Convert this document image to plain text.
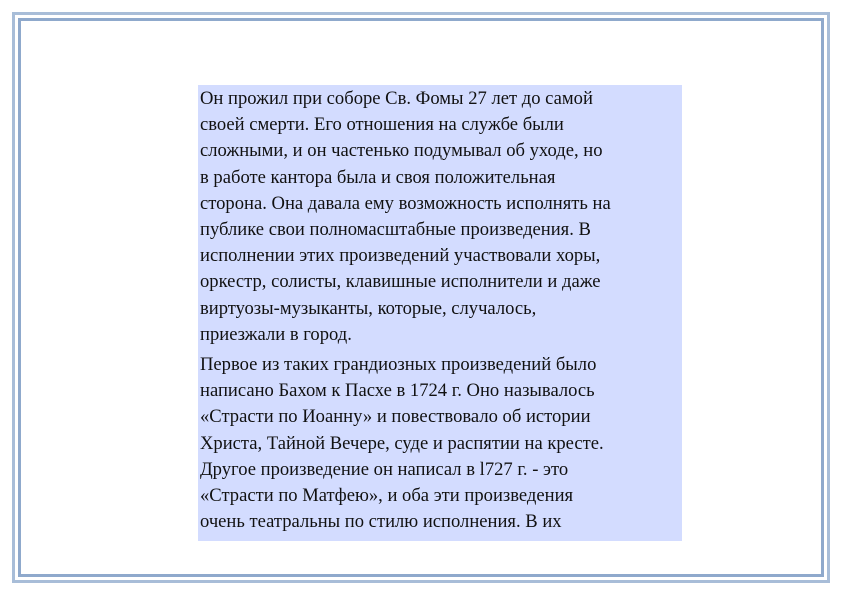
Он прожил при соборе Св. Фомы 27 лет до самой
своей смерти. Его отношения на службе были
сложными, и он частенько подумывал об уходе, но
в работе кантора была и своя положительная
сторона. Она давала ему возможность исполнять на
публике свои полномасштабные произведения. В
исполнении этих произведений участвовали хоры,
оркестр, солисты, клавишные исполнители и даже
виртуозы-музыканты, которые, случалось,
приезжали в город.

Первое из таких грандиозных произведений было
написано Бахом к Пасхе в 1724 г. Оно называлось
«Страсти по Иоанну» и повествовало об истории
Христа, Тайной Вечере, суде и распятии на кресте.
Другое произведение он написал в l727 г. - это
«Страсти по Матфею», и оба эти произведения
очень театральны по стилю исполнения. В их
